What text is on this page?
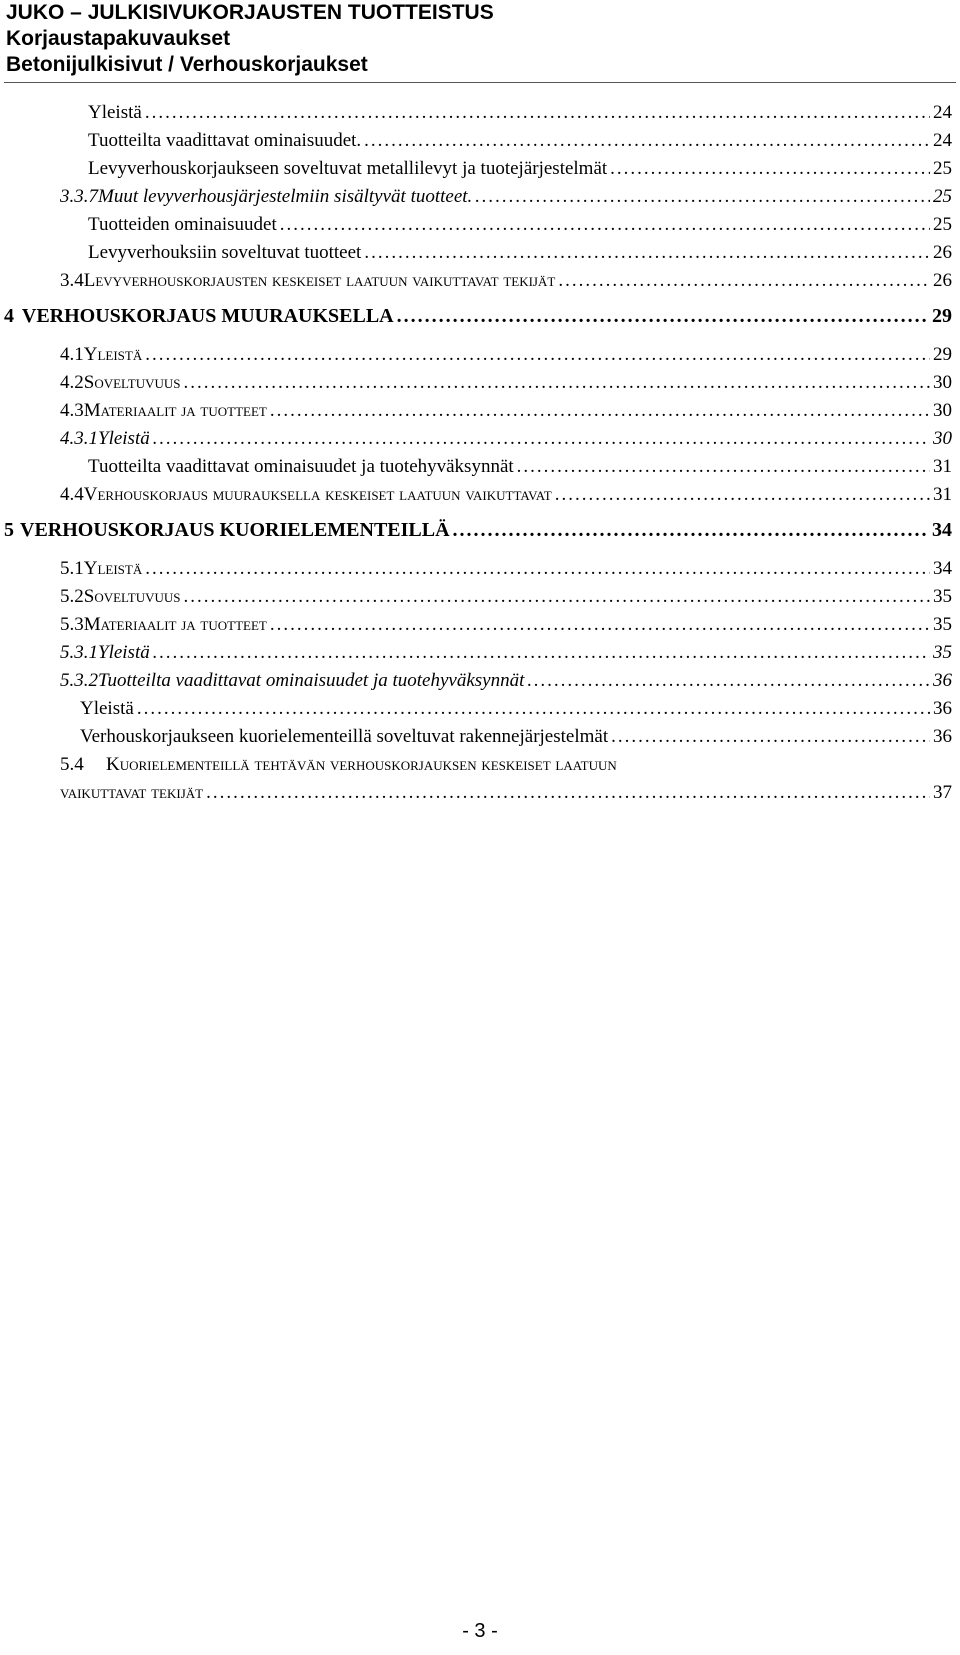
JUKO – JULKISIVUKORJAUSTEN TUOTTEISTUS
Korjaustapakuvaukset
Betonijulkisivut / Verhouskorjaukset
Yleistä .....	24
Tuotteilta vaadittavat ominaisuudet. .....	24
Levyverhouskorjaukseen soveltuvat metallilevyt ja tuotejärjestelmät .....	25
3.3.7 Muut levyverhousjärjestelmiin sisältyvät tuotteet. .....	25
Tuotteiden ominaisuudet .....	25
Levyverhouksiin soveltuvat tuotteet .....	26
3.4 Levyverhouskorjausten keskeiset laatuun vaikuttavat tekijät .....	26
4 VERHOUSKORJAUS MUURAUKSELLA .....	29
4.1 Yleistä .....	29
4.2 Soveltuvuus .....	30
4.3 Materiaalit ja tuotteet .....	30
4.3.1 Yleistä .....	30
Tuotteilta vaadittavat ominaisuudet ja tuotehyväksynnät .....	31
4.4 Verhouskorjaus muurauksella keskeiset laatuun vaikuttavat .....	31
5 VERHOUSKORJAUS KUORIELEMENTEILLÄ .....	34
5.1 Yleistä .....	34
5.2 Soveltuvuus .....	35
5.3 Materiaalit ja tuotteet .....	35
5.3.1 Yleistä .....	35
5.3.2 Tuotteilta vaadittavat ominaisuudet ja tuotehyväksynnät .....	36
Yleistä .....	36
Verhouskorjaukseen kuorielementeillä soveltuvat rakennejärjestelmät .....	36
5.4 Kuorielementeillä tehtävän verhouskorjauksen keskeiset laatuun
vaikuttavat tekijät .....	37
- 3 -
